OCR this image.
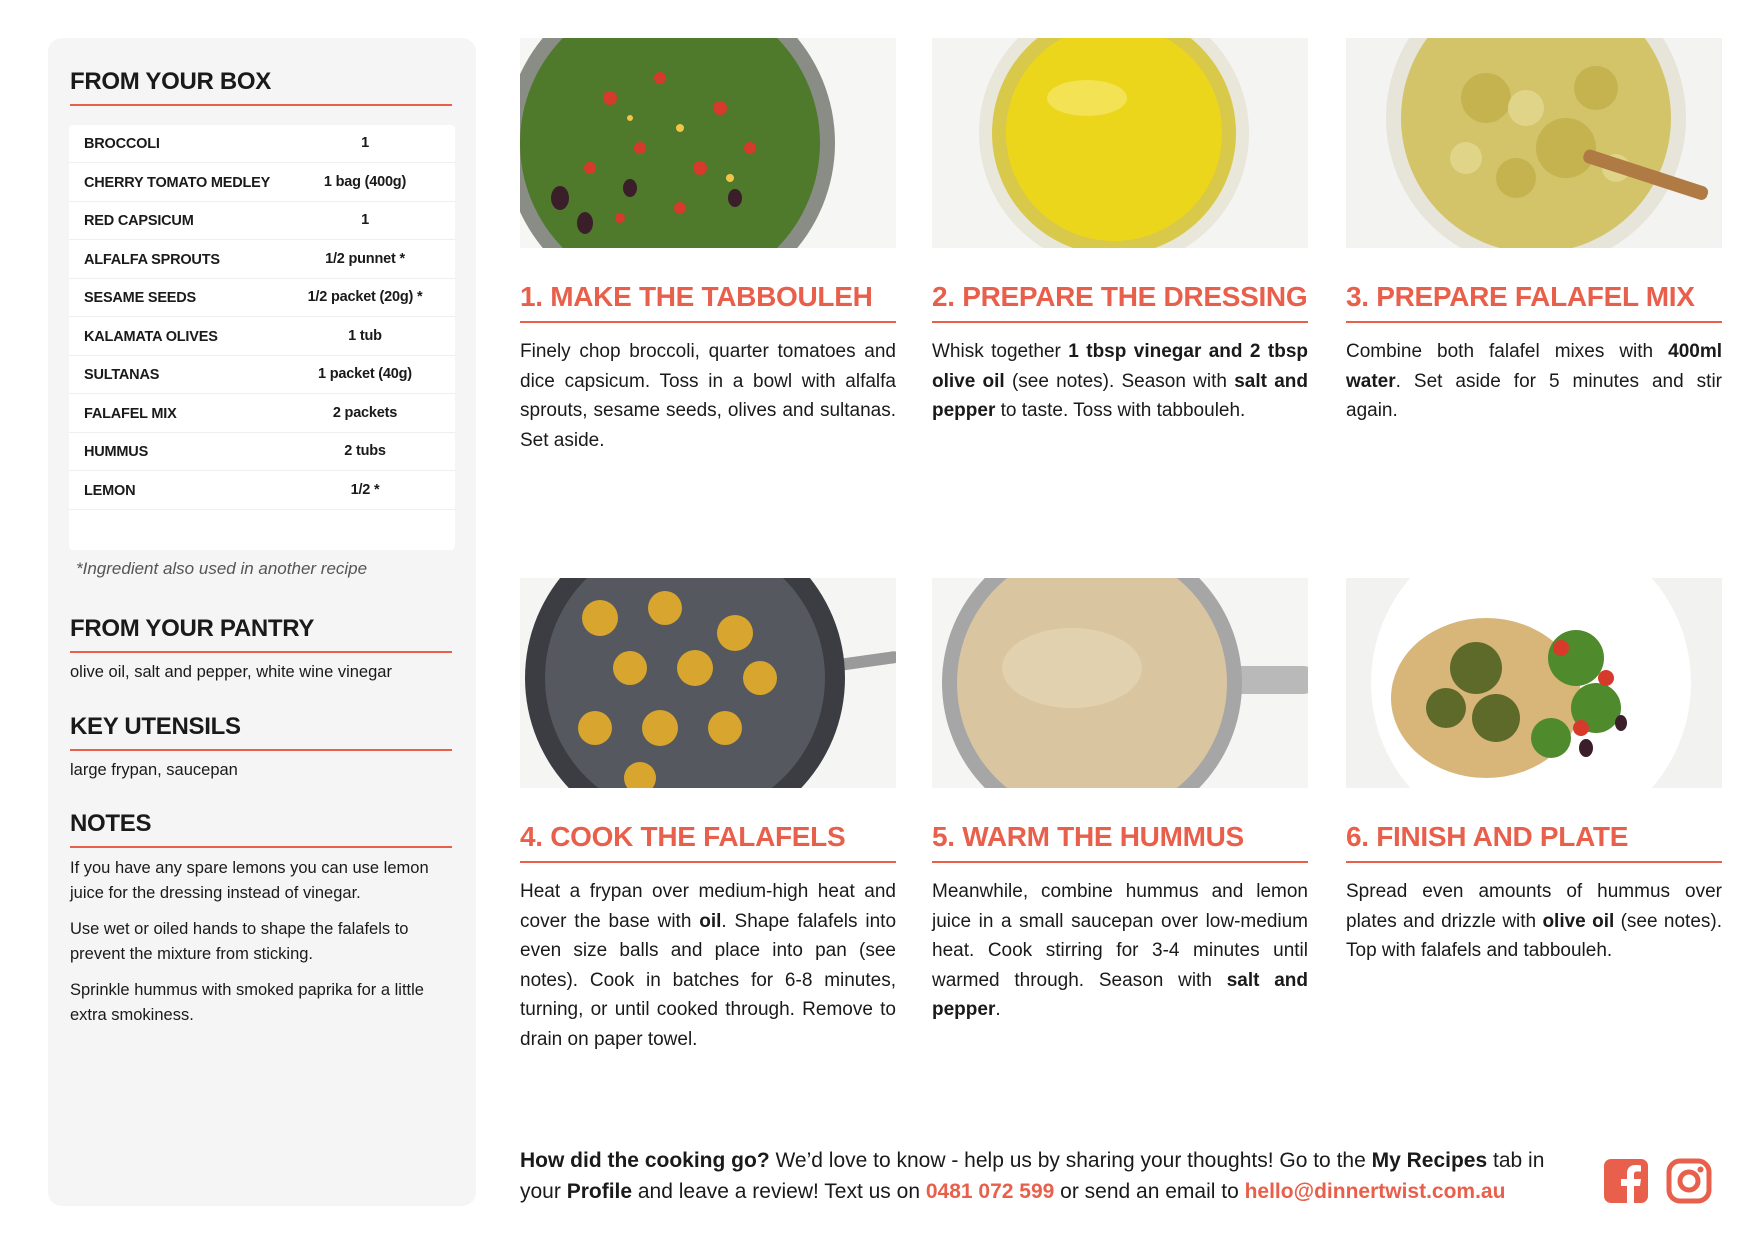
FROM YOUR BOX
BROCCOLI	1
CHERRY TOMATO MEDLEY	1 bag (400g)
RED CAPSICUM	1
ALFALFA SPROUTS	1/2 punnet *
SESAME SEEDS	1/2 packet (20g) *
KALAMATA OLIVES	1 tub
SULTANAS	1 packet (40g)
FALAFEL MIX	2 packets
HUMMUS	2 tubs
LEMON	1/2 *
*Ingredient also used in another recipe
FROM YOUR PANTRY
olive oil, salt and pepper, white wine vinegar
KEY UTENSILS
large frypan, saucepan
NOTES
If you have any spare lemons you can use lemon juice for the dressing instead of vinegar.
Use wet or oiled hands to shape the falafels to prevent the mixture from sticking.
Sprinkle hummus with smoked paprika for a little extra smokiness.
1. MAKE THE TABBOULEH
Finely chop broccoli, quarter tomatoes and dice capsicum. Toss in a bowl with alfalfa sprouts, sesame seeds, olives and sultanas. Set aside.
2. PREPARE THE DRESSING
Whisk together 1 tbsp vinegar and 2 tbsp olive oil (see notes). Season with salt and pepper to taste. Toss with tabbouleh.
3. PREPARE FALAFEL MIX
Combine both falafel mixes with 400ml water. Set aside for 5 minutes and stir again.
4. COOK THE FALAFELS
Heat a frypan over medium-high heat and cover the base with oil. Shape falafels into even size balls and place into pan (see notes). Cook in batches for 6-8 minutes, turning, or until cooked through. Remove to drain on paper towel.
5. WARM THE HUMMUS
Meanwhile, combine hummus and lemon juice in a small saucepan over low-medium heat. Cook stirring for 3-4 minutes until warmed through. Season with salt and pepper.
6. FINISH AND PLATE
Spread even amounts of hummus over plates and drizzle with olive oil (see notes). Top with falafels and tabbouleh.
How did the cooking go? We’d love to know - help us by sharing your thoughts! Go to the My Recipes tab in your Profile and leave a review! Text us on 0481 072 599 or send an email to hello@dinnertwist.com.au
